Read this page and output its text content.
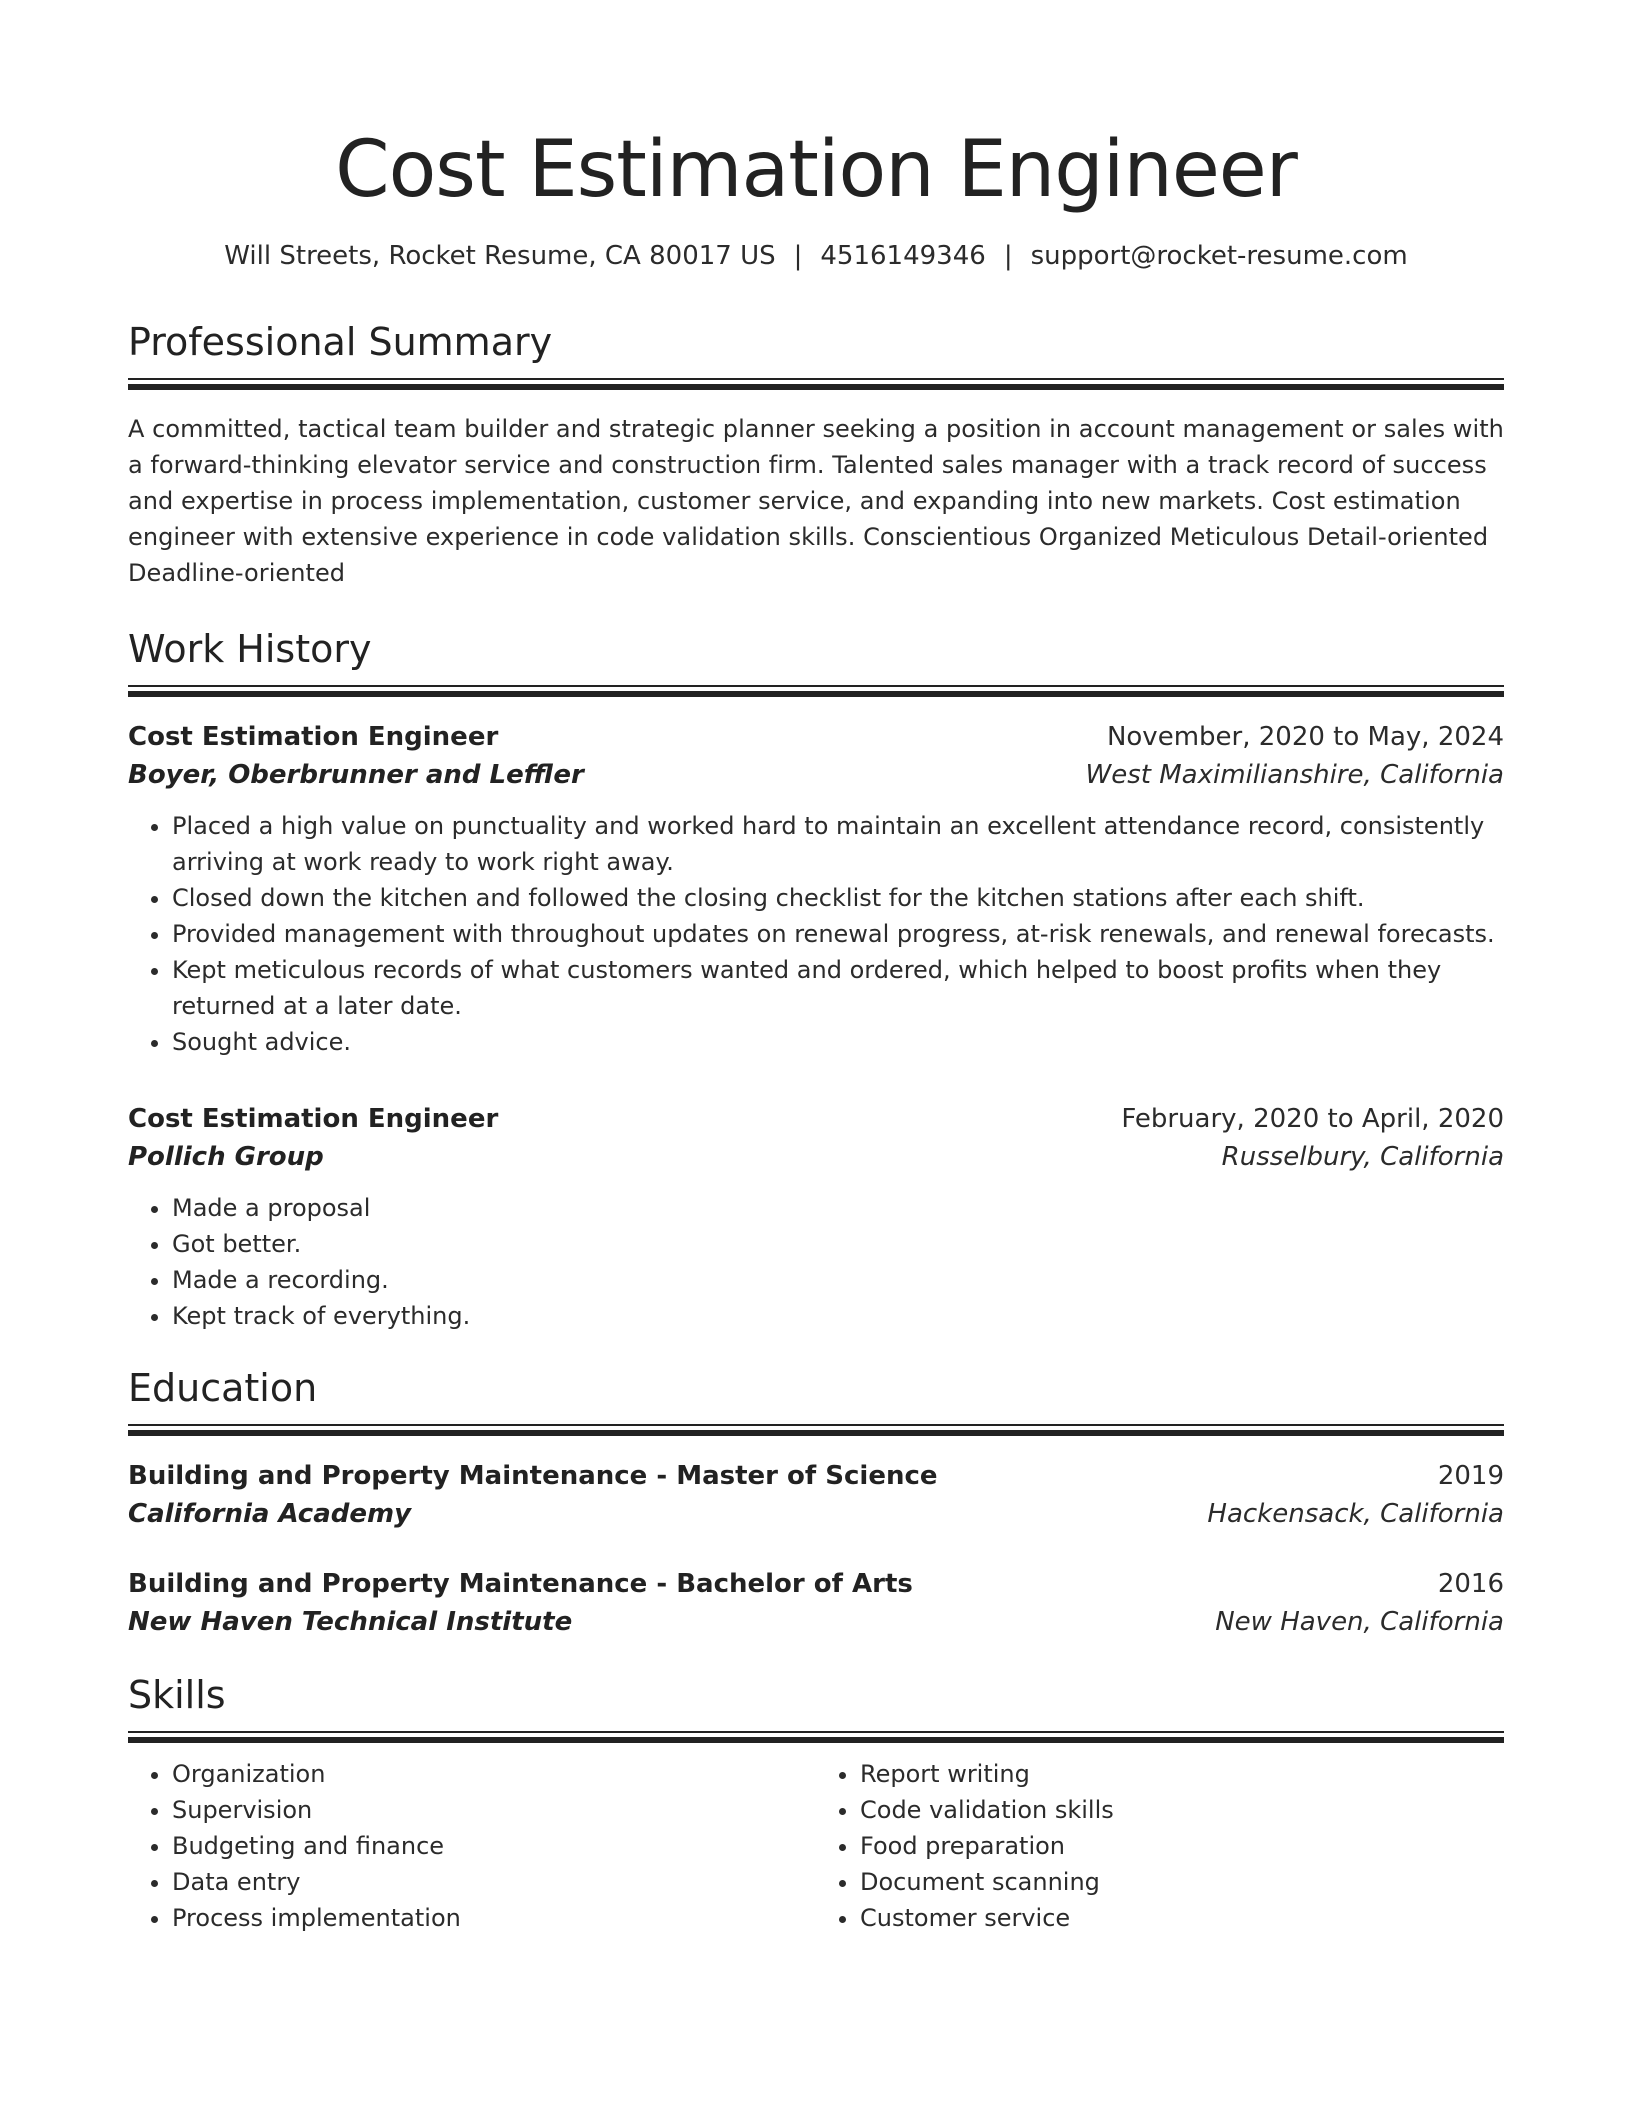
Cost Estimation Engineer
Will Streets, Rocket Resume, CA 80017 US | 4516149346 | support@rocket-resume.com
Professional Summary
A committed, tactical team builder and strategic planner seeking a position in account management or sales with a forward-thinking elevator service and construction firm. Talented sales manager with a track record of success and expertise in process implementation, customer service, and expanding into new markets. Cost estimation engineer with extensive experience in code validation skills. Conscientious Organized Meticulous Detail-oriented Deadline-oriented
Work History
Cost Estimation Engineer	November, 2020 to May, 2024
Boyer, Oberbrunner and Leffler	West Maximilianshire, California
• Placed a high value on punctuality and worked hard to maintain an excellent attendance record, consistently arriving at work ready to work right away.
• Closed down the kitchen and followed the closing checklist for the kitchen stations after each shift.
• Provided management with throughout updates on renewal progress, at-risk renewals, and renewal forecasts.
• Kept meticulous records of what customers wanted and ordered, which helped to boost profits when they returned at a later date.
• Sought advice.
Cost Estimation Engineer	February, 2020 to April, 2020
Pollich Group	Russelbury, California
• Made a proposal
• Got better.
• Made a recording.
• Kept track of everything.
Education
Building and Property Maintenance - Master of Science	2019
California Academy	Hackensack, California
Building and Property Maintenance - Bachelor of Arts	2016
New Haven Technical Institute	New Haven, California
Skills
• Organization
• Supervision
• Budgeting and finance
• Data entry
• Process implementation
• Report writing
• Code validation skills
• Food preparation
• Document scanning
• Customer service
